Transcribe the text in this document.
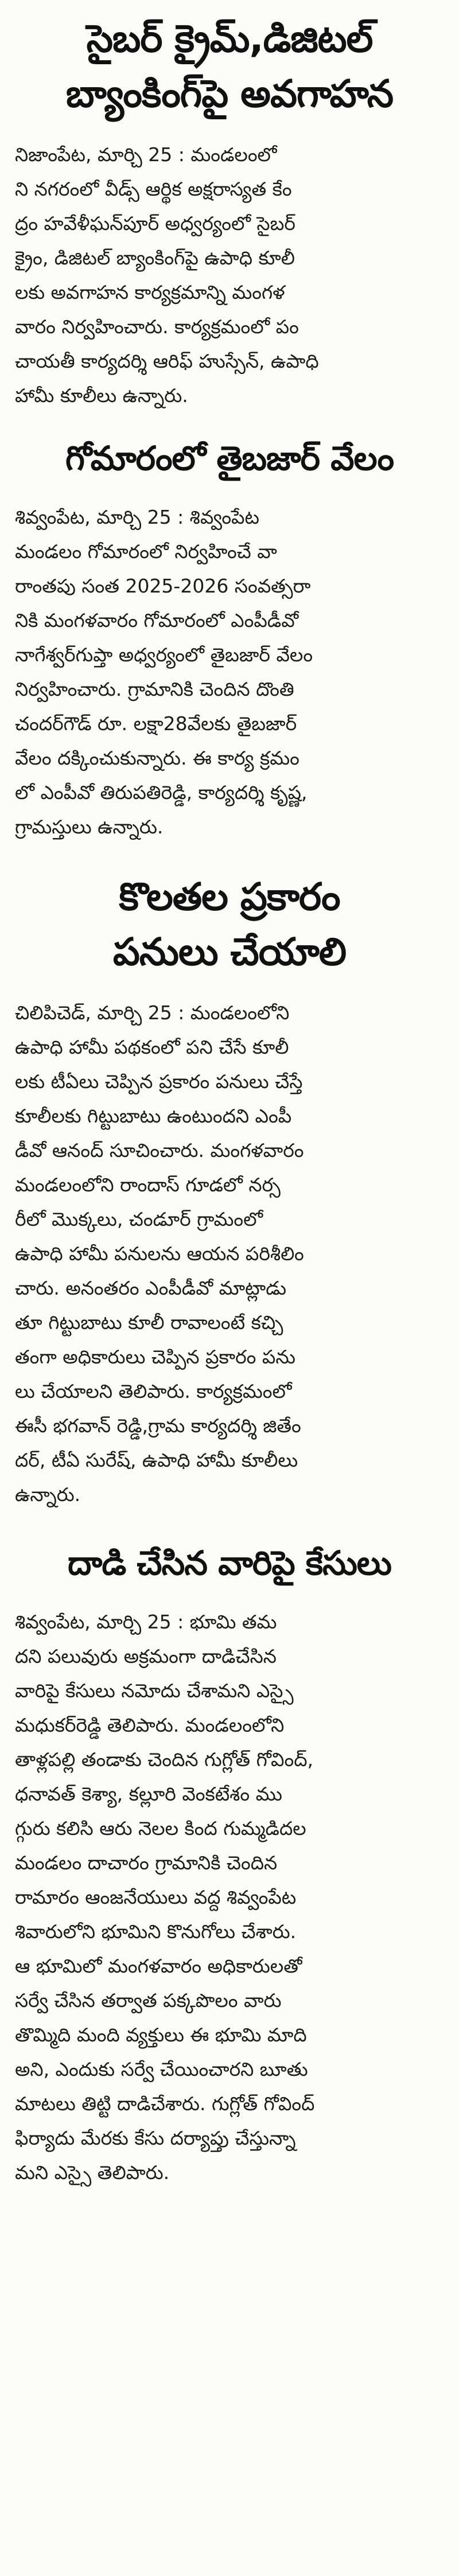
సైబర్ క్రైమ్,డిజిటల్
బ్యాంకింగ్‌పై అవగాహన

నిజాంపేట, మార్చి 25 : మండలంలో
ని నగరంలో వీడ్స్ ఆర్థిక అక్షరాస్యత కేం
ద్రం హవేళీఘన్‌పూర్ అధ్వర్యంలో సైబర్
క్రైం, డిజిటల్ బ్యాంకింగ్‌పై ఉపాధి కూలీ
లకు అవగాహన కార్యక్రమాన్ని మంగళ
వారం నిర్వహించారు. కార్యక్రమంలో పం
చాయతీ కార్యదర్శి ఆరిఫ్ హుస్సేన్, ఉపాధి
హామీ కూలీలు ఉన్నారు.

గోమారంలో తైబజార్ వేలం

శివ్వంపేట, మార్చి 25 : శివ్వంపేట
మండలం గోమారంలో నిర్వహించే వా
రాంతపు సంత 2025-2026 సంవత్సరా
నికి మంగళవారం గోమారంలో ఎంపీడీవో
నాగేశ్వర్‌గుప్తా అధ్వర్యంలో తైబజార్ వేలం
నిర్వహించారు. గ్రామానికి చెందిన దొంతి
చందర్‌గౌడ్ రూ. లక్షా28వేలకు తైబజార్
వేలం దక్కించుకున్నారు. ఈ కార్య క్రమం
లో ఎంపీవో తిరుపతిరెడ్డి, కార్యదర్శి కృష్ణ,
గ్రామస్తులు ఉన్నారు.

కొలతల ప్రకారం
పనులు చేయాలి

చిలిపిచెడ్, మార్చి 25 : మండలంలోని
ఉపాధి హామీ పథకంలో పని చేసే కూలీ
లకు టీఏలు చెప్పిన ప్రకారం పనులు చేస్తే
కూలీలకు గిట్టుబాటు ఉంటుందని ఎంపీ
డీవో ఆనంద్ సూచించారు. మంగళవారం
మండలంలోని రాందాస్ గూడలో నర్స
రీలో మొక్కలు, చండూర్ గ్రామంలో
ఉపాధి హామీ పనులను ఆయన పరిశీలిం
చారు. అనంతరం ఎంపీడీవో మాట్లాడు
తూ గిట్టుబాటు కూలీ రావాలంటే కచ్చి
తంగా అధికారులు చెప్పిన ప్రకారం పను
లు చేయాలని తెలిపారు. కార్యక్రమంలో
ఈసీ భగవాన్ రెడ్డి,గ్రామ కార్యదర్శి జితేం
దర్, టీఏ సురేష్, ఉపాధి హామీ కూలీలు
ఉన్నారు.

దాడి చేసిన వారిపై కేసులు

శివ్వంపేట, మార్చి 25 : భూమి తమ
దని పలువురు అక్రమంగా దాడిచేసిన
వారిపై కేసులు నమోదు చేశామని ఎస్సై
మధుకర్‌రెడ్డి తెలిపారు. మండలంలోని
తాళ్లపల్లి తండాకు చెందిన గుగ్లోత్ గోవింద్,
ధనావత్ కెశ్యా, కల్లూరి వెంకటేశం ము
గ్గురు కలిసి ఆరు నెలల కింద గుమ్మడిదల
మండలం దాచారం గ్రామానికి చెందిన
రామారం ఆంజనేయులు వద్ద శివ్వంపేట
శివారులోని భూమిని కొనుగోలు చేశారు.
ఆ భూమిలో మంగళవారం అధికారులతో
సర్వే చేసిన తర్వాత పక్కపొలం వారు
తొమ్మిది మంది వ్యక్తులు ఈ భూమి మాది
అని, ఎందుకు సర్వే చేయించారని బూతు
మాటలు తిట్టి దాడిచేశారు. గుగ్లోత్ గోవింద్
ఫిర్యాదు మేరకు కేసు దర్యాప్తు చేస్తున్నా
మని ఎస్సై తెలిపారు.
